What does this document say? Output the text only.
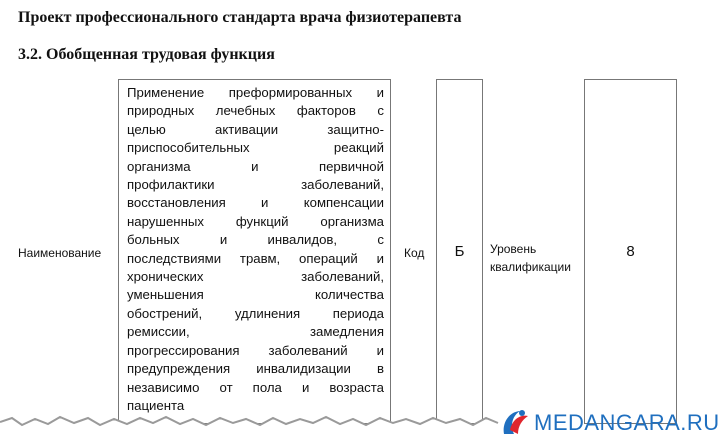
Проект профессионального стандарта врача физиотерапевта
3.2. Обобщенная трудовая функция
Наименование
Применение преформированных и
природных лечебных факторов с
целью активации защитно-
приспособительных реакций
организма и первичной
профилактики заболеваний,
восстановления и компенсации
нарушенных функций организма
больных и инвалидов, с
последствиями травм, операций и
хронических заболеваний,
уменьшения количества
обострений, удлинения периода
ремиссии, замедления
прогрессирования заболеваний и
предупреждения инвалидизации в
независимо от пола и возраста
пациента
Код	Б	Уровень квалификации
8
MEDANGARA.RU
